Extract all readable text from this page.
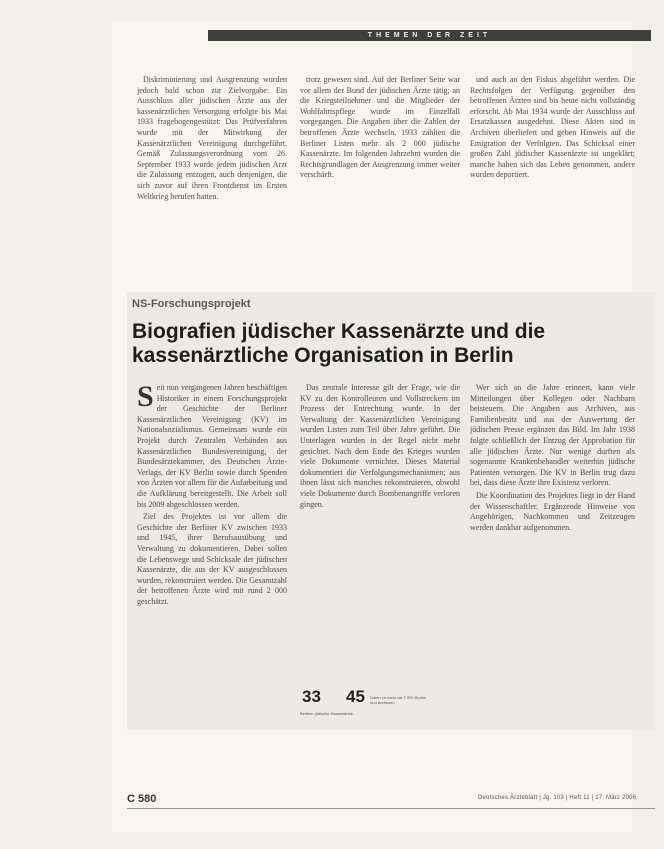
THEMEN DER ZEIT

Diskriminierung und Ausgrenzung wurden jedoch bald schon zur Zielvorgabe: Ein Ausschluss aller jüdischen Ärzte aus der kassenärztlichen Versorgung erfolgte bis Mai 1933 fragebogengestützt: Das Prüfverfahren wurde mit der Mitwirkung der Kassenärztlichen Vereinigung durchgeführt. Gemäß Zulassungsverordnung vom 26. September 1933 wurde jedem jüdischen Arzt die Zulassung entzogen, auch denjenigen, die sich zuvor auf ihren Frontdienst im Ersten Weltkrieg berufen hatten.

trotz gewesen sind. Auf der Berliner Seite war vor allem der Bund der jüdischen Ärzte tätig; an die Kriegsteilnehmer und die Mitglieder der Wohlfahrtspflege wurde im Einzelfall vorgegangen. Die Angaben über die Zahlen der betroffenen Ärzte wechseln. 1933 zählten die Berliner Listen mehr als 2 000 jüdische Kassenärzte. Im folgenden Jahrzehnt wurden die Rechtsgrundlagen der Ausgrenzung immer weiter verschärft.

und auch an den Fiskus abgeführt werden. Die Rechtsfolgen der Verfügung gegenüber den betroffenen Ärzten sind bis heute nicht vollständig erforscht. Ab Mai 1934 wurde der Ausschluss auf Ersatzkassen ausgedehnt. Diese Akten sind in Archiven überliefert und geben Hinweis auf die Emigration der Verfolgten. Das Schicksal einer großen Zahl jüdischer Kassenärzte ist ungeklärt; manche haben sich das Leben genommen, andere wurden deportiert.

NS-Forschungsprojekt
Biografien jüdischer Kassenärzte und die
kassenärztliche Organisation in Berlin

Seit nun vergangenen Jahren beschäftigen Historiker in einem Forschungsprojekt der Geschichte der Berliner Kassenärztlichen Vereinigung (KV) im Nationalsozialismus. Gemeinsam wurde ein Projekt durch Zentralen Verbänden aus Kassenärztlichen Bundesvereinigung, der Bundesärztekammer, des Deutschen Ärzte-Verlags, der KV Berlin sowie durch Spenden von Ärzten vor allem für die Aufarbeitung und die Aufklärung bereitgestellt. Die Arbeit soll bis 2009 abgeschlossen werden.

Ziel des Projektes ist vor allem die Geschichte der Berliner KV zwischen 1933 und 1945, ihrer Berufsausübung und Verwaltung zu dokumentieren. Dabei sollen die Lebenswege und Schicksale der jüdischen Kassenärzte, die aus der KV ausgeschlossen wurden, rekonstruiert werden. Die Gesamtzahl der betroffenen Ärzte wird mit rund 2 000 geschätzt.

Das zentrale Interesse gilt der Frage, wie die KV zu den Kontrolleuren und Vollstreckern im Prozess der Entrechtung wurde. In der Verwaltung der Kassenärztlichen Vereinigung wurden Listen zum Teil über Jahre geführt. Die Unterlagen wurden in der Regel nicht mehr gesichtet. Nach dem Ende des Krieges wurden viele Dokumente vernichtet. Dieses Material dokumentiert die Verfolgungsmechanismen; aus ihnen lässt sich manches rekonstruieren, obwohl viele Dokumente durch Bombenangriffe verloren gingen.

33 45
Berliner jüdische Kassenärzte
Daten zu mehr als 2 000 Ärzten und Ärztinnen

Wer sich an die Jahre erinnert, kann viele Mitteilungen über Kollegen oder Nachbarn beisteuern. Die Angaben aus Archiven, aus Familienbesitz und aus der Auswertung der jüdischen Presse ergänzen das Bild. Im Jahr 1938 folgte schließlich der Entzug der Approbation für alle jüdischen Ärzte. Nur wenige durften als sogenannte Krankenbehandler weiterhin jüdische Patienten versorgen. Die KV in Berlin trug dazu bei, dass diese Ärzte ihre Existenz verloren.

Die Koordination des Projektes liegt in der Hand der Wissenschaftler. Ergänzende Hinweise von Angehörigen, Nachkommen und Zeitzeugen werden dankbar aufgenommen.

C 580	Deutsches Ärzteblatt | Jg. 103 | Heft 11 | 17. März 2006
